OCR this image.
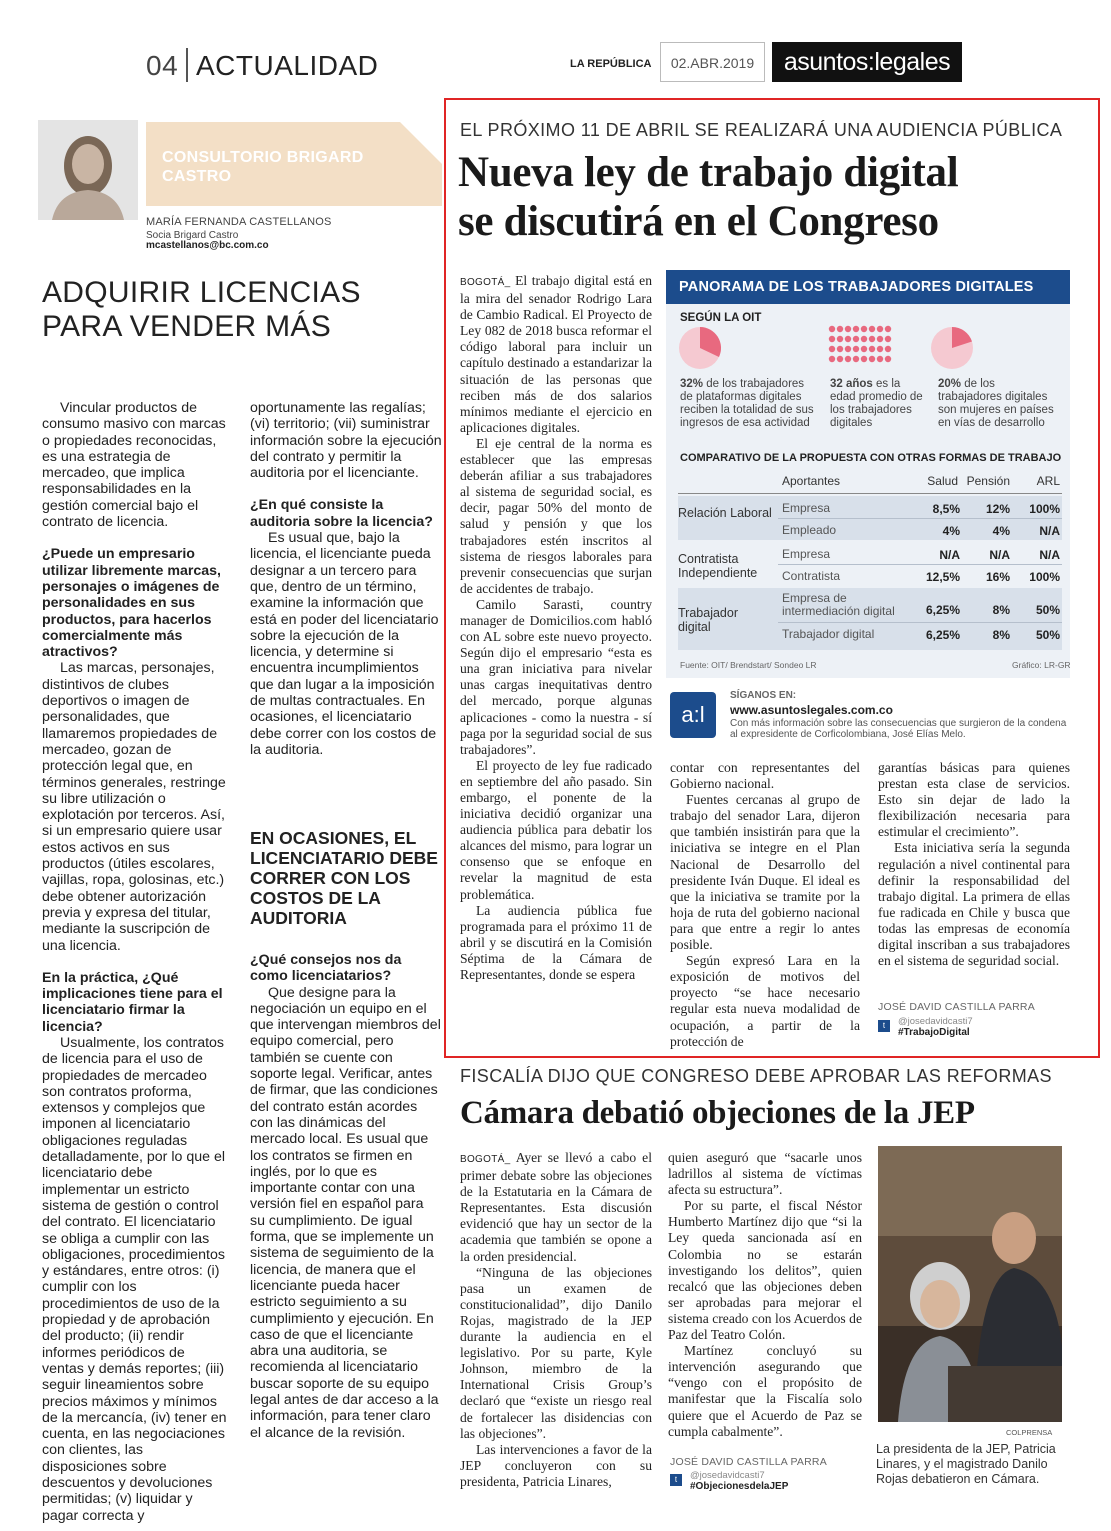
04 ACTUALIDAD	LA REPÚBLICA	02.ABR.2019	asuntos:legales
CONSULTORIO BRIGARD CASTRO
MARÍA FERNANDA CASTELLANOS
Socia Brigard Castro
mcastellanos@bc.com.co
ADQUIRIR LICENCIAS PARA VENDER MÁS

Vincular productos de consumo masivo con marcas o propiedades reconocidas, es una estrategia de mercadeo, que implica responsabilidades en la gestión comercial bajo el contrato de licencia.

¿Puede un empresario utilizar libremente marcas, personajes o imágenes de personalidades en sus productos, para hacerlos comercialmente más atractivos?

Las marcas, personajes, distintivos de clubes deportivos o imagen de personalidades, que llamaremos propiedades de mercadeo, gozan de protección legal que, en términos generales, restringe su libre utilización o explotación por terceros. Así, si un empresario quiere usar estos activos en sus productos (útiles escolares, vajillas, ropa, golosinas, etc.) debe obtener autorización previa y expresa del titular, mediante la suscripción de una licencia.

En la práctica, ¿Qué implicaciones tiene para el licenciatario firmar la licencia?

Usualmente, los contratos de licencia para el uso de propiedades de mercadeo son contratos proforma, extensos y complejos que imponen al licenciatario obligaciones reguladas detalladamente, por lo que el licenciatario debe implementar un estricto sistema de gestión o control del contrato. El licenciatario se obliga a cumplir con las obligaciones, procedimientos y estándares, entre otros: (i) cumplir con los procedimientos de uso de la propiedad y de aprobación del producto; (ii) rendir informes periódicos de ventas y demás reportes; (iii) seguir lineamientos sobre precios máximos y mínimos de la mercancía, (iv) tener en cuenta, en las negociaciones con clientes, las disposiciones sobre descuentos y devoluciones permitidas; (v) liquidar y pagar correcta y

oportunamente las regalías; (vi) territorio; (vii) suministrar información sobre la ejecución del contrato y permitir la auditoria por el licenciante.

¿En qué consiste la auditoria sobre la licencia?

Es usual que, bajo la licencia, el licenciante pueda designar a un tercero para que, dentro de un término, examine la información que está en poder del licenciatario sobre la ejecución de la licencia, y determine si encuentra incumplimientos que dan lugar a la imposición de multas contractuales. En ocasiones, el licenciatario debe correr con los costos de la auditoria.

EN OCASIONES, EL LICENCIATARIO DEBE CORRER CON LOS COSTOS DE LA AUDITORIA

¿Qué consejos nos da como licenciatarios?

Que designe para la negociación un equipo en el que intervengan miembros del equipo comercial, pero también se cuente con soporte legal. Verificar, antes de firmar, que las condiciones del contrato están acordes con las dinámicas del mercado local. Es usual que los contratos se firmen en inglés, por lo que es importante contar con una versión fiel en español para su cumplimiento. De igual forma, que se implemente un sistema de seguimiento de la licencia, de manera que el licenciante pueda hacer estricto seguimiento a su cumplimiento y ejecución. En caso de que el licenciante abra una auditoria, se recomienda al licenciatario buscar soporte de su equipo legal antes de dar acceso a la información, para tener claro el alcance de la revisión.

EL PRÓXIMO 11 DE ABRIL SE REALIZARÁ UNA AUDIENCIA PÚBLICA
Nueva ley de trabajo digital
se discutirá en el Congreso

BOGOTÁ_ El trabajo digital está en la mira del senador Rodrigo Lara de Cambio Radical. El Proyecto de Ley 082 de 2018 busca reformar el código laboral para incluir un capítulo destinado a estandarizar la situación de las personas que reciben más de dos salarios mínimos mediante el ejercicio en aplicaciones digitales.

El eje central de la norma es establecer que las empresas deberán afiliar a sus trabajadores al sistema de seguridad social, es decir, pagar 50% del monto de salud y pensión y que los trabajadores estén inscritos al sistema de riesgos laborales para prevenir consecuencias que surjan de accidentes de trabajo.

Camilo Sarasti, country manager de Domicilios.com habló con AL sobre este nuevo proyecto. Según dijo el empresario “esta es una gran iniciativa para nivelar unas cargas inequitativas dentro del mercado, porque algunas aplicaciones - como la nuestra - sí paga por la seguridad social de sus trabajadores”.

El proyecto de ley fue radicado en septiembre del año pasado. Sin embargo, el ponente de la iniciativa decidió organizar una audiencia pública para debatir los alcances del mismo, para lograr un consenso que se enfoque en revelar la magnitud de esta problemática.

La audiencia pública fue programada para el próximo 11 de abril y se discutirá en la Comisión Séptima de la Cámara de Representantes, donde se espera

contar con representantes del Gobierno nacional.

Fuentes cercanas al grupo de trabajo del senador Lara, dijeron que también insistirán para que la iniciativa se integre en el Plan Nacional de Desarrollo del presidente Iván Duque. El ideal es que la iniciativa se tramite por la hoja de ruta del gobierno nacional para que entre a regir lo antes posible.

Según expresó Lara en la exposición de motivos del proyecto “se hace necesario regular esta nueva modalidad de ocupación, a partir de la protección de

garantías básicas para quienes prestan esta clase de servicios. Esto sin dejar de lado la flexibilización necesaria para estimular el crecimiento”.

Esta iniciativa sería la segunda regulación a nivel continental para definir la responsabilidad del trabajo digital. La primera de ellas fue radicada en Chile y busca que todas las empresas de economía digital inscriban a sus trabajadores en el sistema de seguridad social.

JOSÉ DAVID CASTILLA PARRA
t	@josedavidcasti7
#TrabajoDigital
PANORAMA DE LOS TRABAJADORES DIGITALES
SEGÚN LA OIT
32% de los trabajadores de plataformas digitales reciben la totalidad de sus ingresos de esa actividad
32 años es la edad promedio de los trabajadores digitales
20% de los trabajadores digitales son mujeres en países en vías de desarrollo
COMPARATIVO DE LA PROPUESTA CON OTRAS FORMAS DE TRABAJO
Aportantes	Salud Pensión	ARL
Relación Laboral Empresa	8,5%	12%	100%
Empleado	4%	4%	N/A
Contratista Independiente
Empresa	N/A	N/A	N/A
Contratista	12,5%	16%	100%
Trabajador digital
Empresa de intermediación digital	6,25%	8%	50%
Trabajador digital	6,25%	8%	50%
Fuente: OIT/ Brendstart/ Sondeo LR	Gráfico: LR-GR
a:l
SÍGANOS EN:
www.asuntoslegales.com.co
Con más información sobre las consecuencias que surgieron de la condena al expresidente de Corficolombiana, José Elías Melo.
FISCALÍA DIJO QUE CONGRESO DEBE APROBAR LAS REFORMAS
Cámara debatió objeciones de la JEP

BOGOTÁ_ Ayer se llevó a cabo el primer debate sobre las objeciones de la Estatutaria en la Cámara de Representantes. Esta discusión evidenció que hay un sector de la academia que también se opone a la orden presidencial.

“Ninguna de las objeciones pasa un examen de constitucionalidad”, dijo Danilo Rojas, magistrado de la JEP durante la audiencia en el legislativo. Por su parte, Kyle Johnson, miembro de la International Crisis Group’s declaró que “existe un riesgo real de fortalecer las disidencias con las objeciones”.

Las intervenciones a favor de la JEP concluyeron con su presidenta, Patricia Linares,

quien aseguró que “sacarle unos ladrillos al sistema de víctimas afecta su estructura”.

Por su parte, el fiscal Néstor Humberto Martínez dijo que “si la Ley queda sancionada así en Colombia no se estarán investigando los delitos”, quien recalcó que las objeciones deben ser aprobadas para mejorar el sistema creado con los Acuerdos de Paz del Teatro Colón.

Martínez concluyó su intervención asegurando que “vengo con el propósito de manifestar que la Fiscalía solo quiere que el Acuerdo de Paz se cumpla cabalmente”.

JOSÉ DAVID CASTILLA PARRA
t	@josedavidcasti7
#ObjecionesdelaJEP
COLPRENSA
La presidenta de la JEP, Patricia Linares, y el magistrado Danilo Rojas debatieron en Cámara.
